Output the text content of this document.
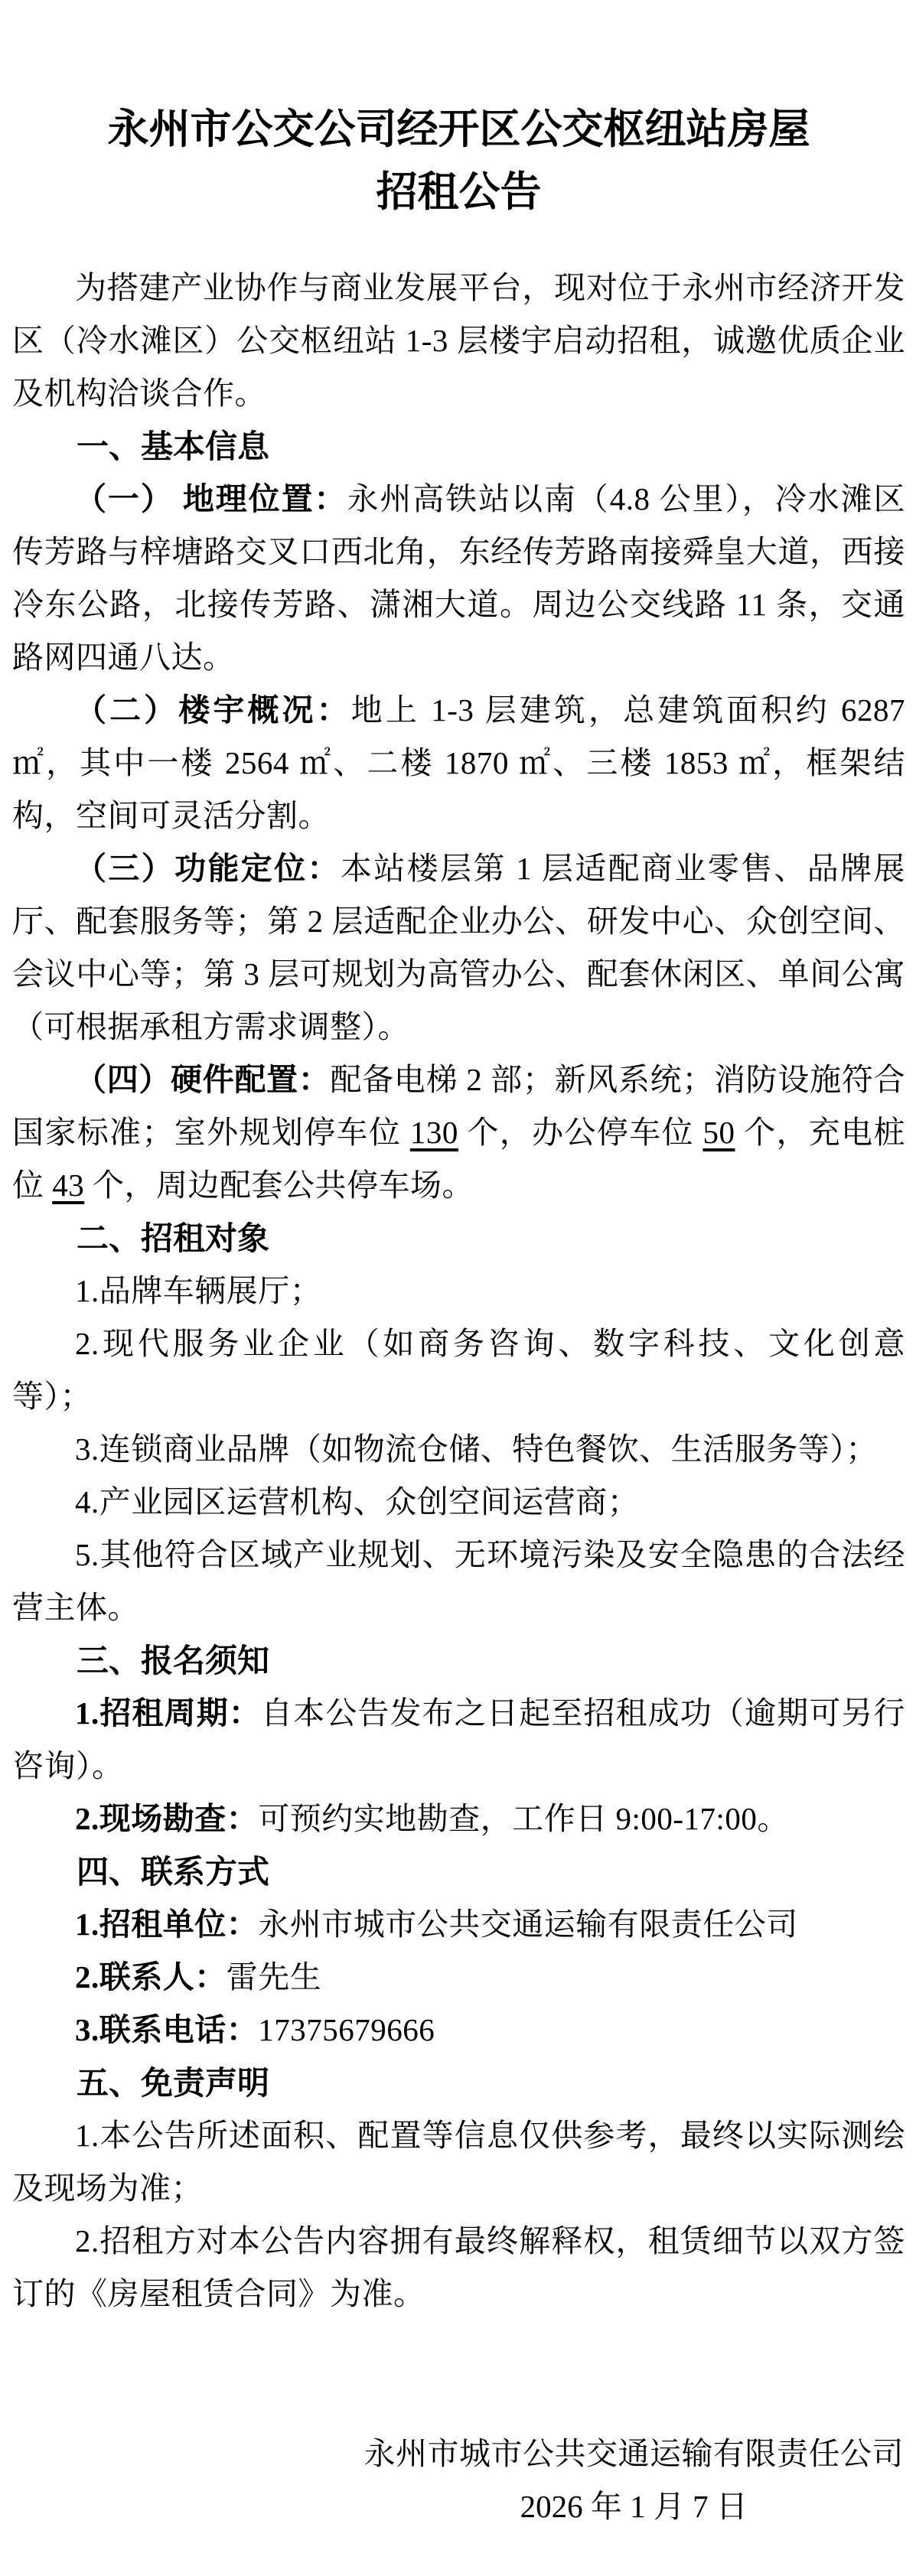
永州市公交公司经开区公交枢纽站房屋
招租公告

为搭建产业协作与商业发展平台，现对位于永州市经济开发区（冷水滩区）公交枢纽站 1-3 层楼宇启动招租，诚邀优质企业及机构洽谈合作。

一、基本信息

（一） 地理位置：永州高铁站以南（4.8 公里），冷水滩区传芳路与梓塘路交叉口西北角，东经传芳路南接舜皇大道，西接冷东公路，北接传芳路、潇湘大道。周边公交线路 11 条，交通路网四通八达。

（二）楼宇概况：地上 1-3 层建筑，总建筑面积约 6287 ㎡，其中一楼 2564 ㎡、二楼 1870 ㎡、三楼 1853 ㎡，框架结构，空间可灵活分割。

（三）功能定位：本站楼层第 1 层适配商业零售、品牌展厅、配套服务等；第 2 层适配企业办公、研发中心、众创空间、会议中心等；第 3 层可规划为高管办公、配套休闲区、单间公寓（可根据承租方需求调整）。

（四）硬件配置：配备电梯 2 部；新风系统；消防设施符合国家标准；室外规划停车位 130 个，办公停车位 50 个，充电桩位 43 个，周边配套公共停车场。

二、招租对象

1.品牌车辆展厅；

2.现代服务业企业（如商务咨询、数字科技、文化创意等）；

3.连锁商业品牌（如物流仓储、特色餐饮、生活服务等）；

4.产业园区运营机构、众创空间运营商；

5.其他符合区域产业规划、无环境污染及安全隐患的合法经营主体。

三、报名须知

1.招租周期：自本公告发布之日起至招租成功（逾期可另行咨询）。

2.现场勘查：可预约实地勘查，工作日 9:00-17:00。

四、联系方式

1.招租单位：永州市城市公共交通运输有限责任公司

2.联系人：雷先生

3.联系电话：17375679666

五、免责声明

1.本公告所述面积、配置等信息仅供参考，最终以实际测绘及现场为准；

2.招租方对本公告内容拥有最终解释权，租赁细节以双方签订的《房屋租赁合同》为准。

永州市城市公共交通运输有限责任公司
2026 年 1 月 7 日
